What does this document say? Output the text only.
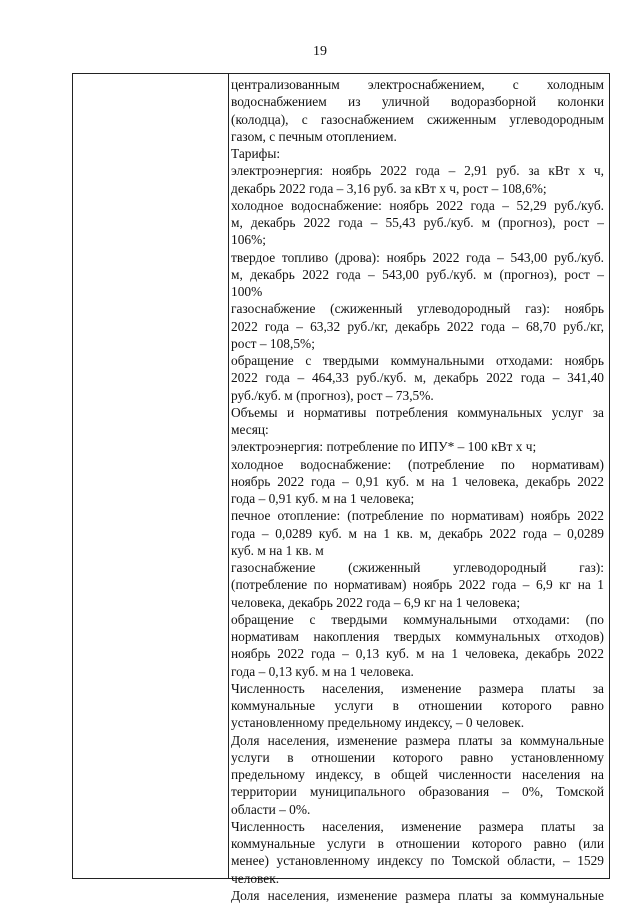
19
централизованным электроснабжением, с холодным
водоснабжением из уличной водоразборной колонки
(колодца), с газоснабжением сжиженным углеводородным
газом, с печным отоплением.
Тарифы:
электроэнергия: ноябрь 2022 года – 2,91 руб. за кВт х ч,
декабрь 2022 года – 3,16 руб. за кВт х ч, рост – 108,6%;
холодное водоснабжение: ноябрь 2022 года – 52,29 руб./куб.
м, декабрь 2022 года – 55,43 руб./куб. м (прогноз), рост –
106%;
твердое топливо (дрова): ноябрь 2022 года – 543,00 руб./куб.
м, декабрь 2022 года – 543,00 руб./куб. м (прогноз), рост –
100%
газоснабжение (сжиженный углеводородный газ): ноябрь
2022 года – 63,32 руб./кг, декабрь 2022 года – 68,70 руб./кг,
рост – 108,5%;
обращение с твердыми коммунальными отходами: ноябрь
2022 года – 464,33 руб./куб. м, декабрь 2022 года – 341,40
руб./куб. м (прогноз), рост – 73,5%.
Объемы и нормативы потребления коммунальных услуг за
месяц:
электроэнергия: потребление по ИПУ* – 100 кВт х ч;
холодное водоснабжение: (потребление по нормативам)
ноябрь 2022 года – 0,91 куб. м на 1 человека, декабрь 2022
года – 0,91 куб. м на 1 человека;
печное отопление: (потребление по нормативам) ноябрь 2022
года – 0,0289 куб. м на 1 кв. м, декабрь 2022 года – 0,0289
куб. м на 1 кв. м
газоснабжение (сжиженный углеводородный газ):
(потребление по нормативам) ноябрь 2022 года – 6,9 кг на 1
человека, декабрь 2022 года – 6,9 кг на 1 человека;
обращение с твердыми коммунальными отходами: (по
нормативам накопления твердых коммунальных отходов)
ноябрь 2022 года – 0,13 куб. м на 1 человека, декабрь 2022
года – 0,13 куб. м на 1 человека.
Численность населения, изменение размера платы за
коммунальные услуги в отношении которого равно
установленному предельному индексу, – 0 человек.
Доля населения, изменение размера платы за коммунальные
услуги в отношении которого равно установленному
предельному индексу, в общей численности населения на
территории муниципального образования – 0%, Томской
области – 0%.
Численность населения, изменение размера платы за
коммунальные услуги в отношении которого равно (или
менее) установленному индексу по Томской области, – 1529
человек.
Доля населения, изменение размера платы за коммунальные
